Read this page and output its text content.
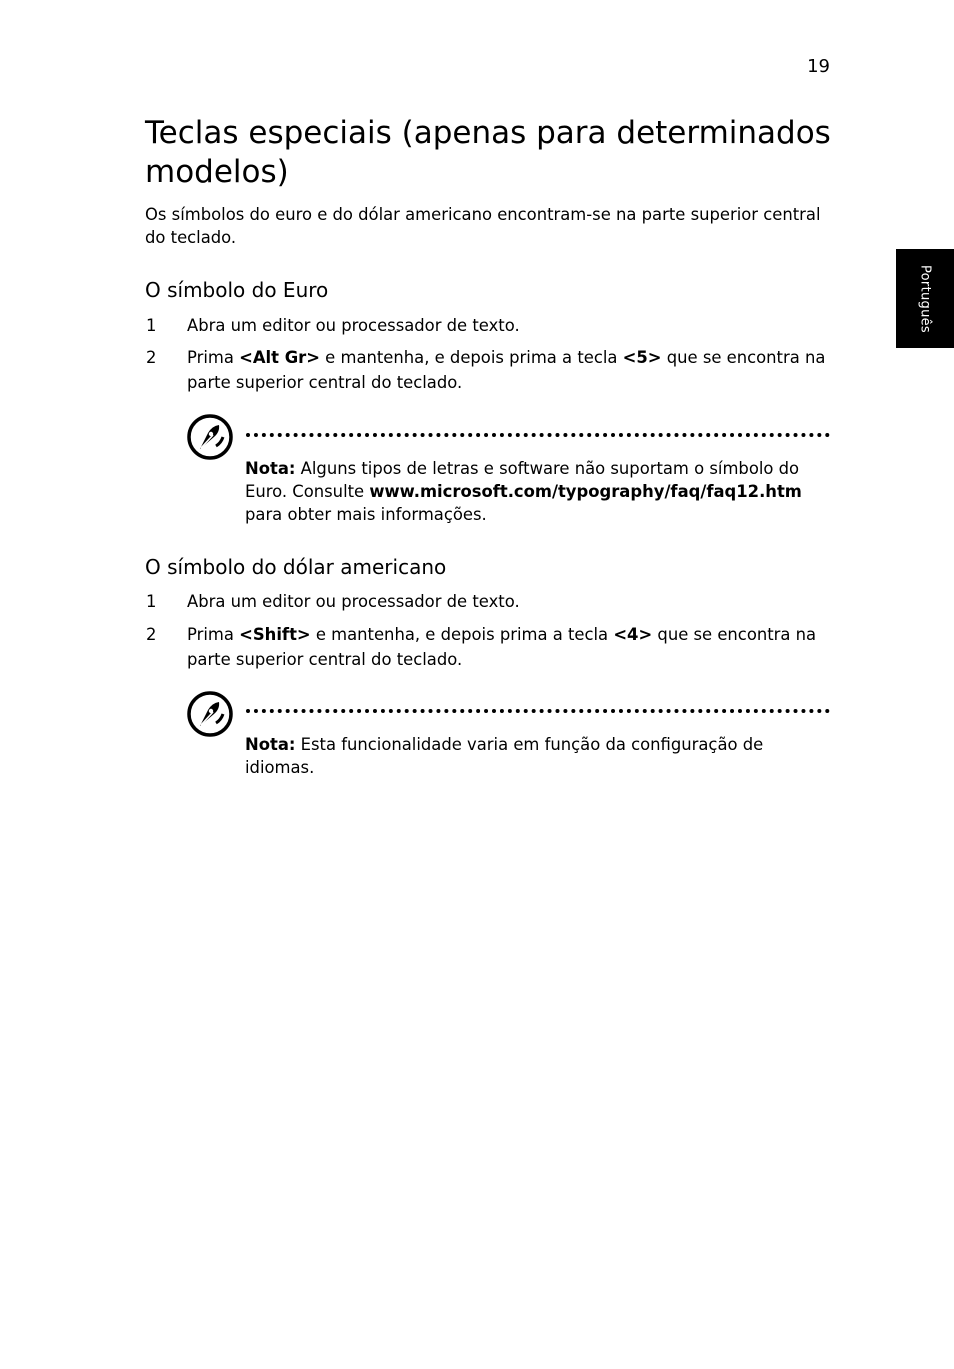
19
Português
Teclas especiais (apenas para determinados modelos)

Os símbolos do euro e do dólar americano encontram-se na parte superior central do teclado.

O símbolo do Euro
1 Abra um editor ou processador de texto.

2 Prima <Alt Gr> e mantenha, e depois prima a tecla <5> que se encontra na parte superior central do teclado.

Nota: Alguns tipos de letras e software não suportam o símbolo do Euro. Consulte www.microsoft.com/typography/faq/faq12.htm para obter mais informações.

O símbolo do dólar americano
1 Abra um editor ou processador de texto.

2 Prima <Shift> e mantenha, e depois prima a tecla <4> que se encontra na parte superior central do teclado.

Nota: Esta funcionalidade varia em função da configuração de idiomas.
